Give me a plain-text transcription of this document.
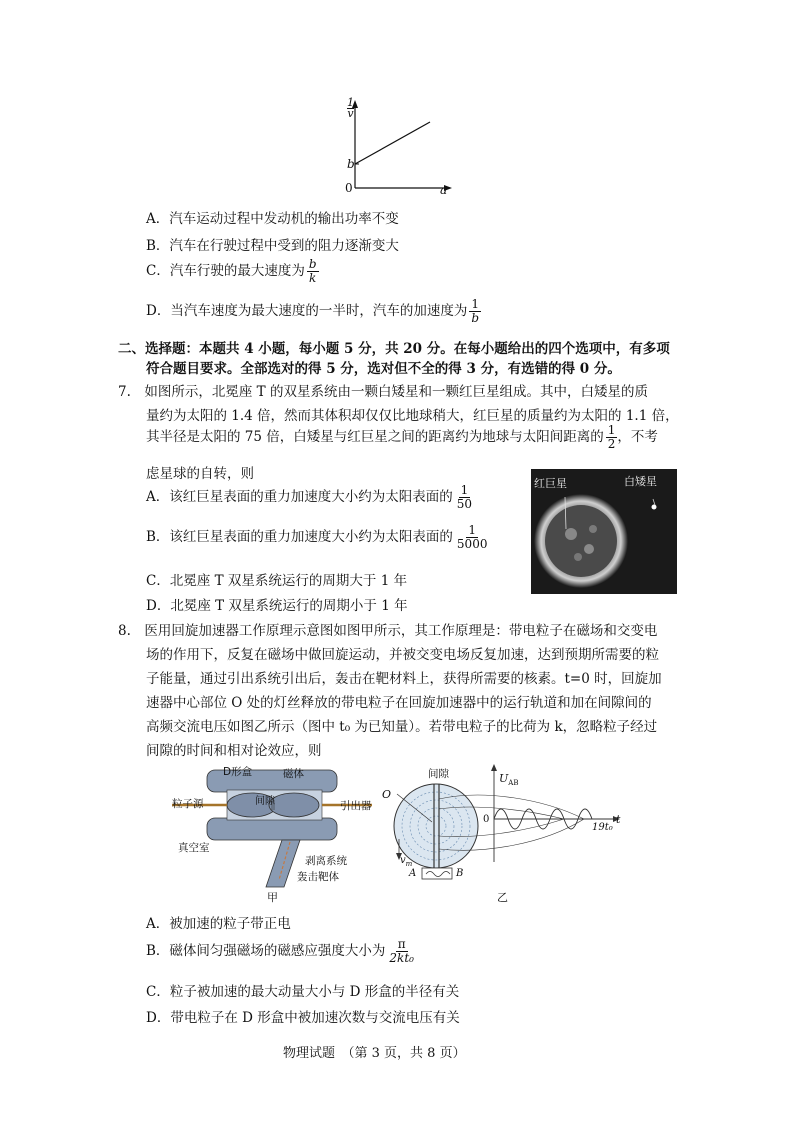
1
v
b
0	a
A．汽车运动过程中发动机的输出功率不变
B．汽车在行驶过程中受到的阻力逐渐变大
C．汽车行驶的最大速度为 $\frac{b}{k}$
D．当汽车速度为最大速度的一半时，汽车的加速度为 $\frac{1}{b}$
二、选择题：本题共 4 小题，每小题 5 分，共 20 分。在每小题给出的四个选项中，有多项
符合题目要求。全部选对的得 5 分，选对但不全的得 3 分，有选错的得 0 分。
7.　如图所示，北冕座 T 的双星系统由一颗白矮星和一颗红巨星组成。其中，白矮星的质
量约为太阳的 1.4 倍，然而其体积却仅仅比地球稍大，红巨星的质量约为太阳的 1.1 倍，
其半径是太阳的 75 倍，白矮星与红巨星之间的距离约为地球与太阳间距离的 $\frac{1}{2}$ ，不考
虑星球的自转，则
A．该红巨星表面的重力加速度大小约为太阳表面的 $\frac{1}{50}$
B．该红巨星表面的重力加速度大小约为太阳表面的 $\frac{1}{5000}$
C．北冕座 T 双星系统运行的周期大于 1 年
D．北冕座 T 双星系统运行的周期小于 1 年
红巨星	白矮星
8.　医用回旋加速器工作原理示意图如图甲所示，其工作原理是：带电粒子在磁场和交变电
场的作用下，反复在磁场中做回旋运动，并被交变电场反复加速，达到预期所需要的粒
子能量，通过引出系统引出后，轰击在靶材料上，获得所需要的核素。t=0 时，回旋加
速器中心部位 O 处的灯丝释放的带电粒子在回旋加速器中的运行轨道和加在间隙间的
高频交流电压如图乙所示（图中 t₀ 为已知量）。若带电粒子的比荷为 k，忽略粒子经过
间隙的时间和相对论效应，则
D形盒	磁体
间隙
粒子源	引出器
真空室
剥离系统
轰击靶体
甲
间隙
O
$U_{AB}$
0	t
19t₀
$v_m$
A	B
乙
A．被加速的粒子带正电
B．磁体间匀强磁场的磁感应强度大小为 $\frac{\pi}{\text{2kt₀}}$
C．粒子被加速的最大动量大小与 D 形盒的半径有关
D．带电粒子在 D 形盒中被加速次数与交流电压有关
物理试题　（第 3 页，共 8 页）
